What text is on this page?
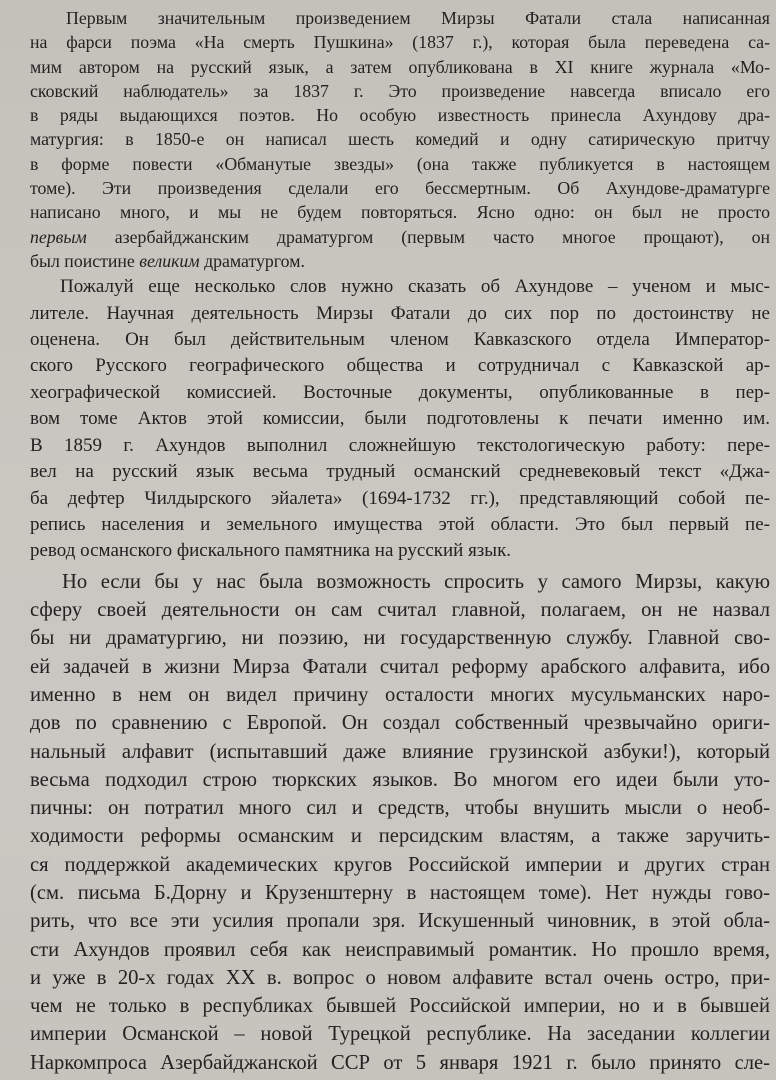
Первым значительным произведением Мирзы Фатали стала написанная
на фарси поэма «На смерть Пушкина» (1837 г.), которая была переведена са-
мим автором на русский язык, а затем опубликована в XI книге журнала «Мо-
сковский наблюдатель» за 1837 г. Это произведение навсегда вписало его
в ряды выдающихся поэтов. Но особую известность принесла Ахундову дра-
матургия: в 1850-е он написал шесть комедий и одну сатирическую притчу
в форме повести «Обманутые звезды» (она также публикуется в настоящем
томе). Эти произведения сделали его бессмертным. Об Ахундове-драматурге
написано много, и мы не будем повторяться. Ясно одно: он был не просто
первым азербайджанским драматургом (первым часто многое прощают), он
был поистине великим драматургом.
Пожалуй еще несколько слов нужно сказать об Ахундове – ученом и мыс-
лителе. Научная деятельность Мирзы Фатали до сих пор по достоинству не
оценена. Он был действительным членом Кавказского отдела Император-
ского Русского географического общества и сотрудничал с Кавказской ар-
хеографической комиссией. Восточные документы, опубликованные в пер-
вом томе Актов этой комиссии, были подготовлены к печати именно им.
В 1859 г. Ахундов выполнил сложнейшую текстологическую работу: пере-
вел на русский язык весьма трудный османский средневековый текст «Джа-
ба дефтер Чилдырского эйалета» (1694-1732 гг.), представляющий собой пе-
репись населения и земельного имущества этой области. Это был первый пе-
ревод османского фискального памятника на русский язык.
Но если бы у нас была возможность спросить у самого Мирзы, какую
сферу своей деятельности он сам считал главной, полагаем, он не назвал
бы ни драматургию, ни поэзию, ни государственную службу. Главной сво-
ей задачей в жизни Мирза Фатали считал реформу арабского алфавита, ибо
именно в нем он видел причину осталости многих мусульманских наро-
дов по сравнению с Европой. Он создал собственный чрезвычайно ориги-
нальный алфавит (испытавший даже влияние грузинской азбуки!), который
весьма подходил строю тюркских языков. Во многом его идеи были уто-
пичны: он потратил много сил и средств, чтобы внушить мысли о необ-
ходимости реформы османским и персидским властям, а также заручить-
ся поддержкой академических кругов Российской империи и других стран
(см. письма Б.Дорну и Крузенштерну в настоящем томе). Нет нужды гово-
рить, что все эти усилия пропали зря. Искушенный чиновник, в этой обла-
сти Ахундов проявил себя как неисправимый романтик. Но прошло время,
и уже в 20-х годах XX в. вопрос о новом алфавите встал очень остро, при-
чем не только в республиках бывшей Российской империи, но и в бывшей
империи Османской – новой Турецкой республике. На заседании коллегии
Наркомпроса Азербайджанской ССР от 5 января 1921 г. было принято сле-
